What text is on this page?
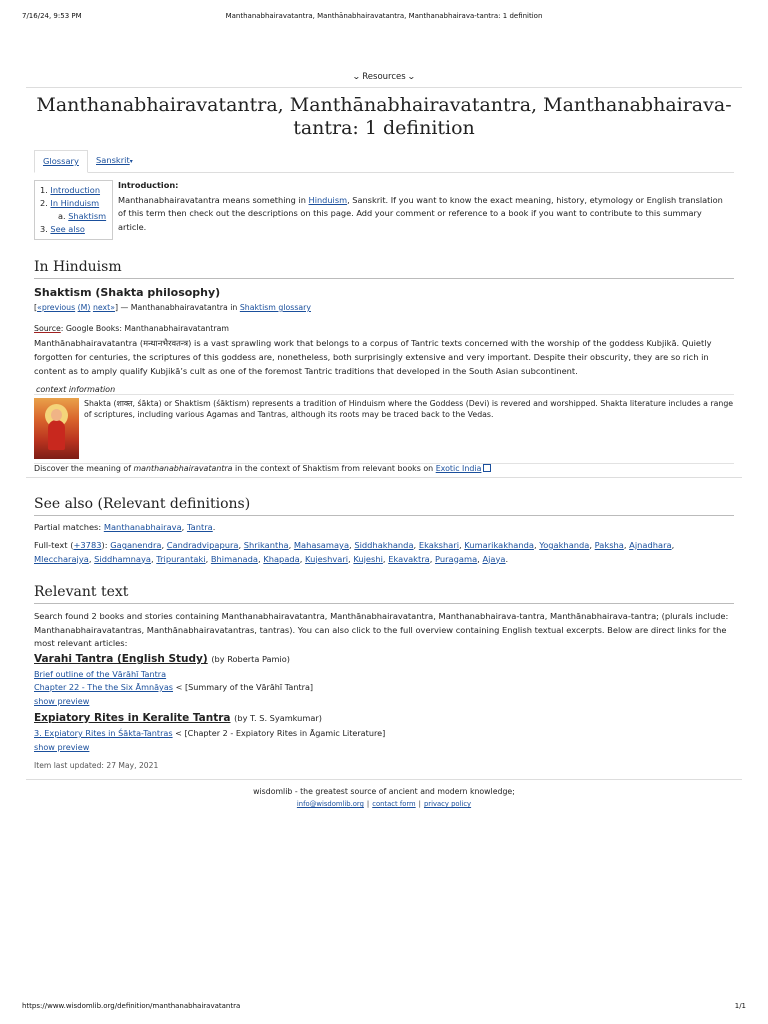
7/16/24, 9:53 PM	Manthanabhairavatantra, Manthānabhairavatantra, Manthanabhairava-tantra: 1 definition
⌄ Resources ⌄
Manthanabhairavatantra, Manthānabhairavatantra, Manthanabhairava-tantra: 1 definition
Glossary	Sanskrit▾
1. Introduction
2. In Hinduism
a. Shaktism
3. See also
Introduction:
Manthanabhairavatantra means something in Hinduism, Sanskrit. If you want to know the exact meaning, history, etymology or English translation of this term then check out the descriptions on this page. Add your comment or reference to a book if you want to contribute to this summary article.
In Hinduism
Shaktism (Shakta philosophy)
[«previous (M) next»] — Manthanabhairavatantra in Shaktism glossary
Source: Google Books: Manthanabhairavatantram
Manthānabhairavatantra (मन्थानभैरवतन्त्र) is a vast sprawling work that belongs to a corpus of Tantric texts concerned with the worship of the goddess Kubjikā. Quietly forgotten for centuries, the scriptures of this goddess are, nonetheless, both surprisingly extensive and very important. Despite their obscurity, they are so rich in content as to amply qualify Kubjikā’s cult as one of the foremost Tantric traditions that developed in the South Asian subcontinent.
context information
Shakta (शाक्त, śākta) or Shaktism (śāktism) represents a tradition of Hinduism where the Goddess (Devi) is revered and worshipped. Shakta literature includes a range of scriptures, including various Agamas and Tantras, although its roots may be traced back to the Vedas.
Discover the meaning of manthanabhairavatantra in the context of Shaktism from relevant books on Exotic India
See also (Relevant definitions)
Partial matches: Manthanabhairava, Tantra.
Full-text (+3783): Gaganendra, Candradvipapura, Shrikantha, Mahasamaya, Siddhakhanda, Ekakshari, Kumarikakhanda, Yogakhanda, Paksha, Ajnadhara, Mleccharajya, Siddhamnaya, Tripurantaki, Bhimanada, Khapada, Kujeshvari, Kujeshi, Ekavaktra, Puragama, Ajaya.
Relevant text
Search found 2 books and stories containing Manthanabhairavatantra, Manthānabhairavatantra, Manthanabhairava-tantra, Manthānabhairava-tantra; (plurals include: Manthanabhairavatantras, Manthānabhairavatantras, tantras). You can also click to the full overview containing English textual excerpts. Below are direct links for the most relevant articles:
Varahi Tantra (English Study) (by Roberta Pamio)
Brief outline of the Vārāhī Tantra
Chapter 22 - The the Six Āmnāyas < [Summary of the Vārāhī Tantra]
show preview
Expiatory Rites in Keralite Tantra (by T. S. Syamkumar)
3. Expiatory Rites in Śākta-Tantras < [Chapter 2 - Expiatory Rites in Āgamic Literature]
show preview
Item last updated: 27 May, 2021
wisdomlib - the greatest source of ancient and modern knowledge;
info@wisdomlib.org | contact form | privacy policy
https://www.wisdomlib.org/definition/manthanabhairavatantra	1/1
